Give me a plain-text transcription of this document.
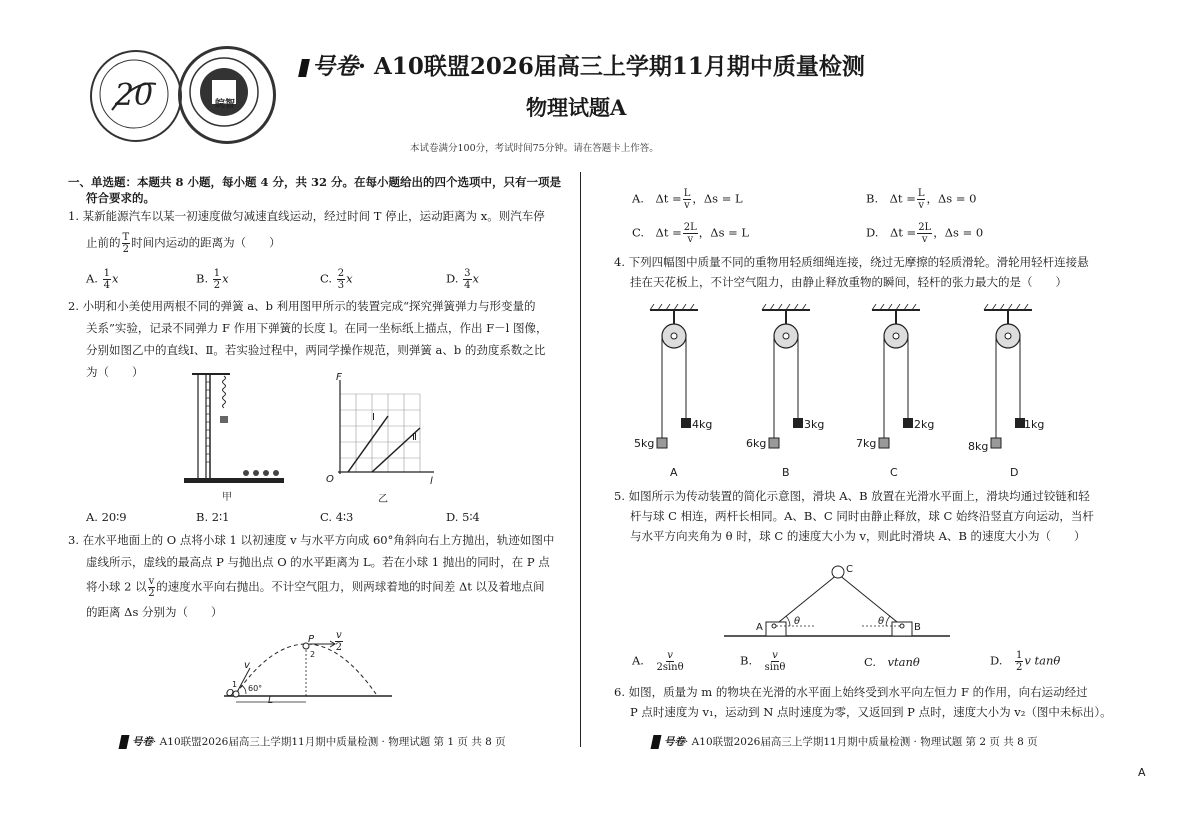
20	皖智
号卷· A10联盟2026届高三上学期11月期中质量检测
物理试题A
本试卷满分100分，考试时间75分钟。请在答题卡上作答。
一、单选题：本题共 8 小题，每小题 4 分，共 32 分。在每小题给出的四个选项中，只有一项是
符合要求的。
1. 某新能源汽车以某一初速度做匀减速直线运动，经过时间 T 停止，运动距离为 x。则汽车停
止前的 $\frac{T}{2}$ 时间内运动的距离为（　　）
A. $\frac{1}{4}$ x	B. $\frac{1}{2}$ x	C. $\frac{2}{3}$ x	D. $\frac{3}{4}$ x
2. 小明和小美使用两根不同的弹簧 a、b 利用图甲所示的装置完成“探究弹簧弹力与形变量的
关系”实验，记录不同弹力 F 作用下弹簧的长度 l。在同一坐标纸上描点，作出 F－l 图像，
分别如图乙中的直线Ⅰ、Ⅱ。若实验过程中，两同学操作规范，则弹簧 a、b 的劲度系数之比
为（　　）
甲
F
l
O
Ⅰ
Ⅱ
乙
A. 20∶9	B. 2∶1	C. 4∶3	D. 5∶4
3. 在水平地面上的 O 点将小球 1 以初速度 v 与水平方向成 60°角斜向右上方抛出，轨迹如图中
虚线所示，虚线的最高点 P 与抛出点 O 的水平距离为 L。若在小球 1 抛出的同时，在 P 点
将小球 2 以 $\frac{v}{2}$ 的速度水平向右抛出。不计空气阻力，则两球着地的时间差 Δt 以及着地点间
的距离 Δs 分别为（　　）
P
2
$\frac{v}{2}$
v
1
O 60°
L
号卷· A10联盟2026届高三上学期11月期中质量检测 · 物理试题 第 1 页 共 8 页
A.　 $\Delta t = \frac{L}{v}$ ，Δs = L	B.　 $\Delta t = \frac{L}{v}$ ，Δs = 0
C.　 $\Delta t = \frac{2L}{v}$ ，Δs = L	D.　 $\Delta t = \frac{2L}{v}$ ，Δs = 0
4. 下列四幅图中质量不同的重物用轻质细绳连接，绕过无摩擦的轻质滑轮。滑轮用轻杆连接悬
挂在天花板上，不计空气阻力，由静止释放重物的瞬间，轻杆的张力最大的是（　　）
5kg
4kg
A
6kg
3kg
B
7kg
2kg
C
8kg
1kg
D
5. 如图所示为传动装置的简化示意图，滑块 A、B 放置在光滑水平面上，滑块均通过铰链和轻
杆与球 C 相连，两杆长相同。A、B、C 同时由静止释放，球 C 始终沿竖直方向运动，当杆
与水平方向夹角为 θ 时，球 C 的速度大小为 v，则此时滑块 A、B 的速度大小为（　　）
C
A	B
θ	θ
A.　 $\frac{v}{2\sin\theta}$	B.　 $\frac{v}{\sin\theta}$	C.　 vtanθ	D.　 $\frac{1}{2}$ v tanθ
6. 如图，质量为 m 的物块在光滑的水平面上始终受到水平向左恒力 F 的作用，向右运动经过
P 点时速度为 v₁，运动到 N 点时速度为零，又返回到 P 点时，速度大小为 v₂（图中未标出）。
号卷· A10联盟2026届高三上学期11月期中质量检测 · 物理试题 第 2 页 共 8 页
A
